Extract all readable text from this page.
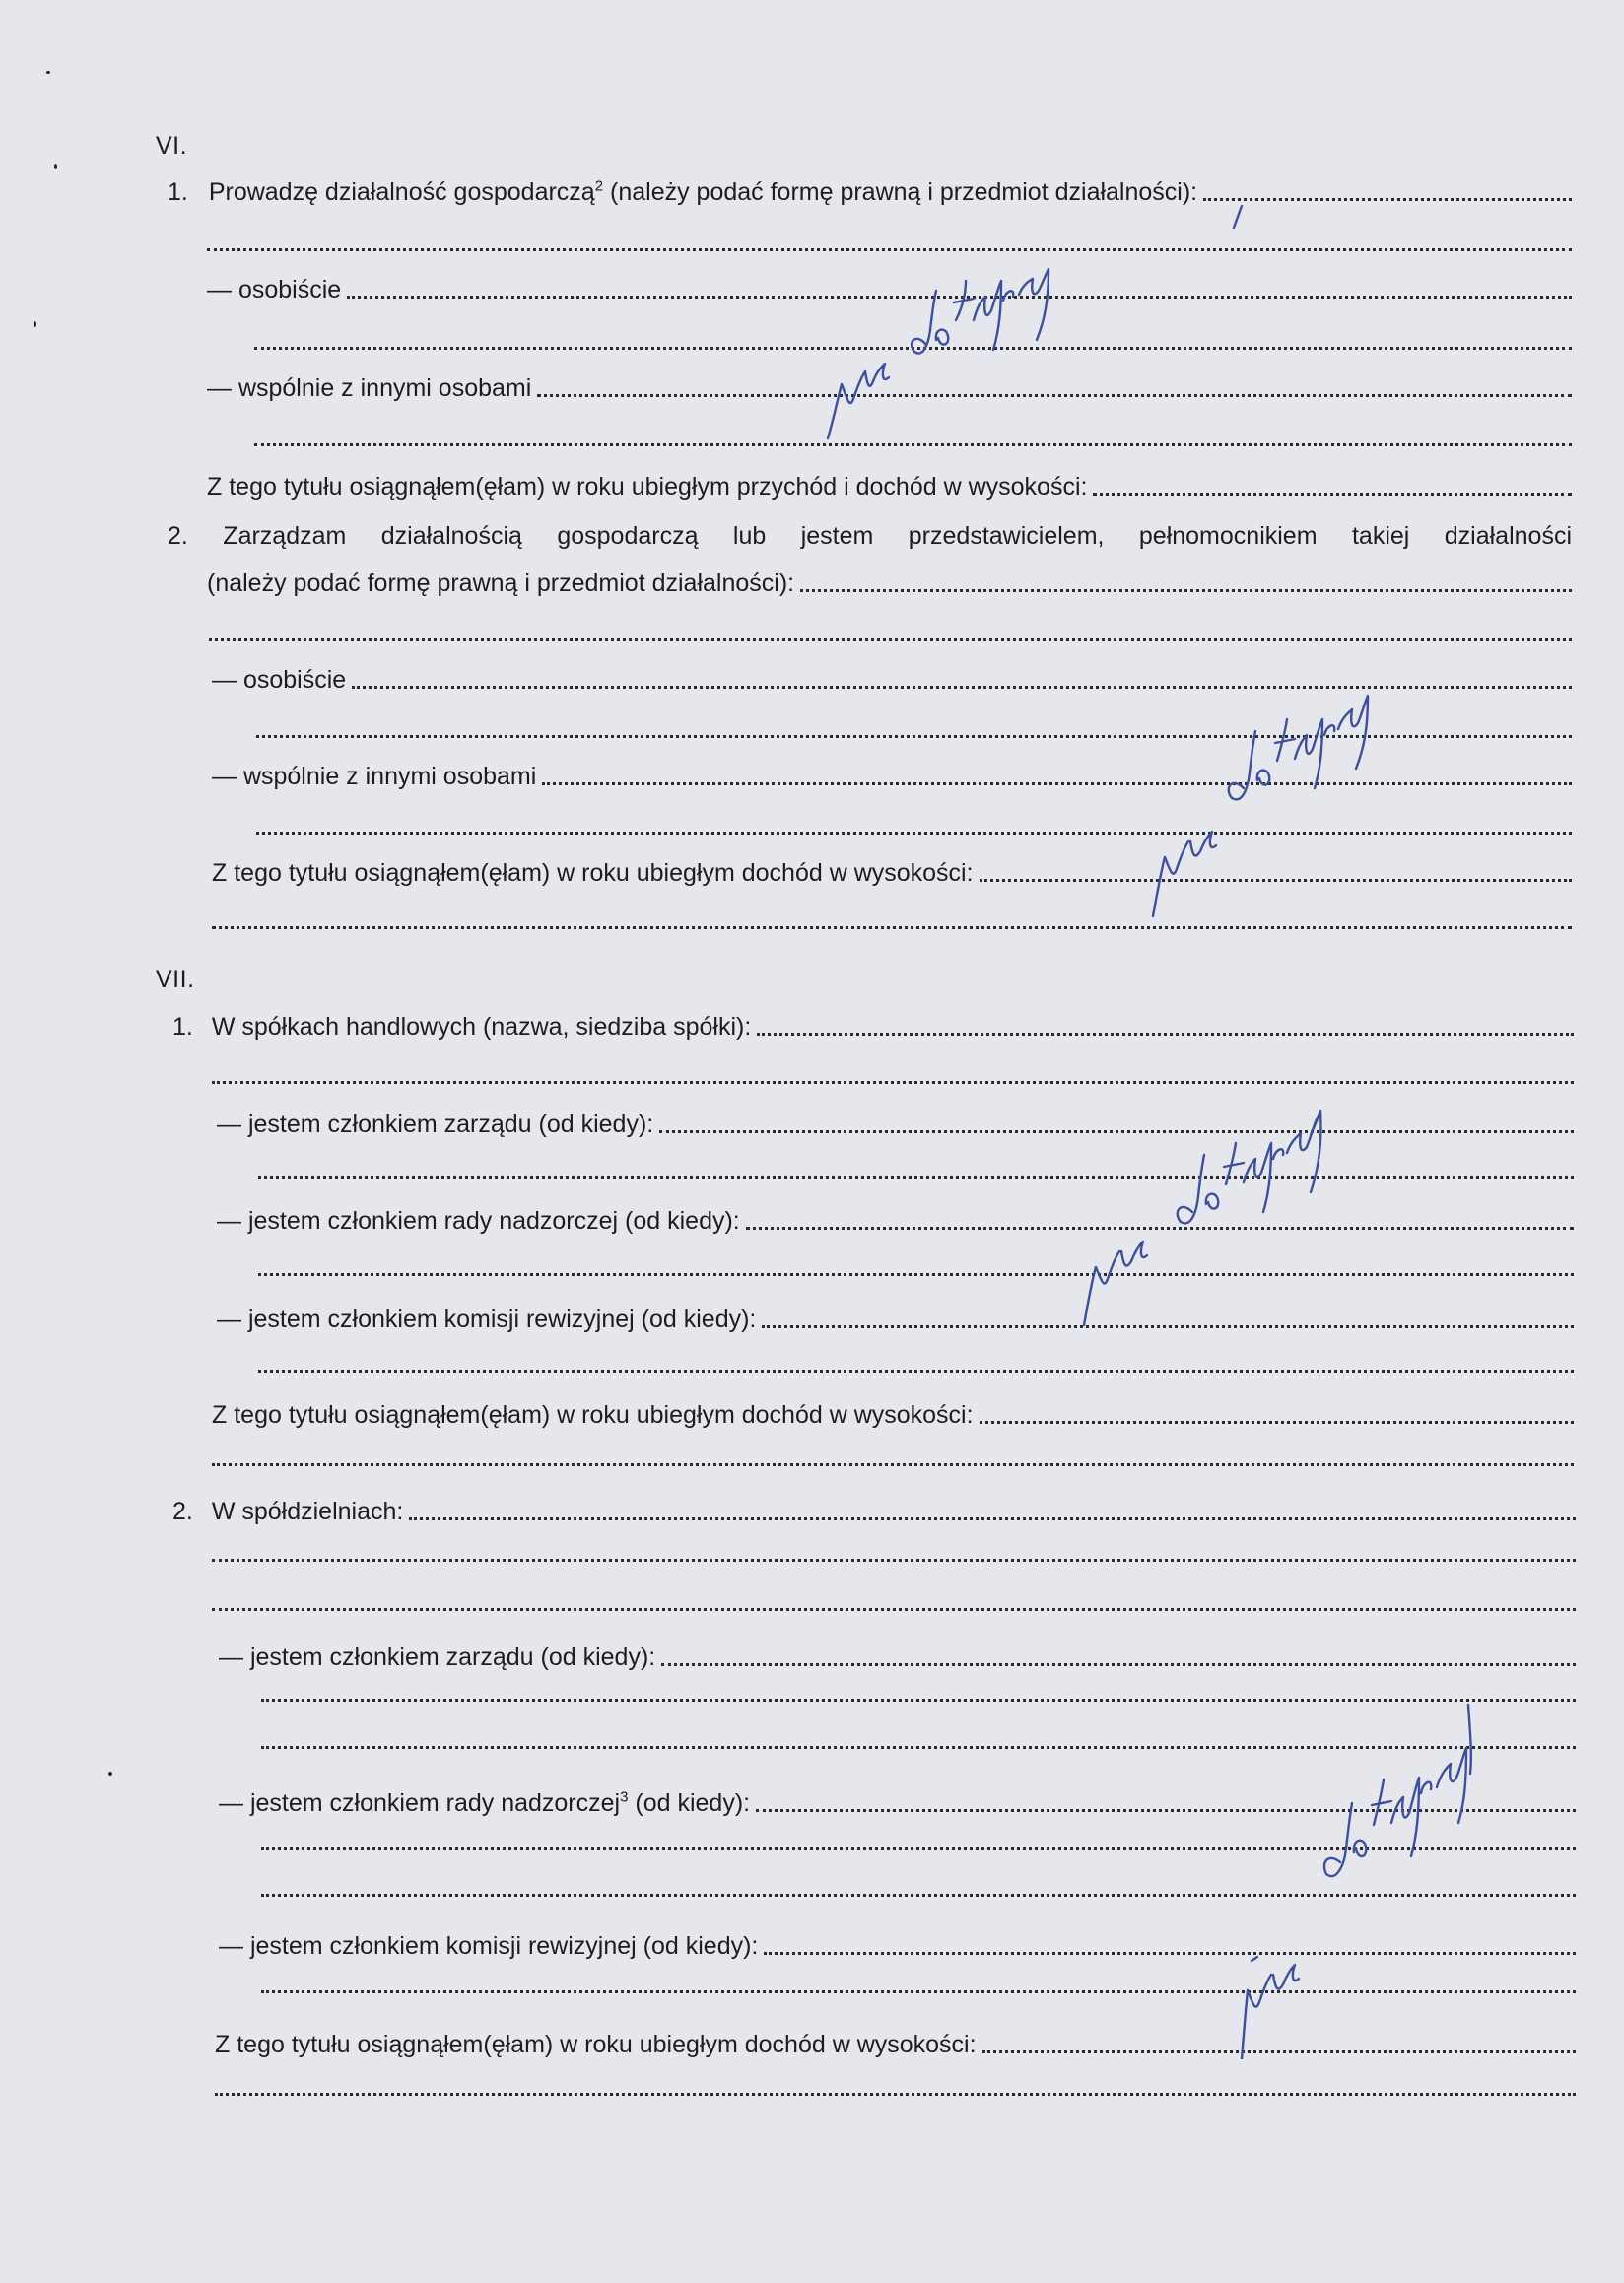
VI.
1. Prowadzę działalność gospodarczą$^2$ (należy podać formę prawną i przedmiot działalności):
— osobiście
— wspólnie z innymi osobami
Z tego tytułu osiągnąłem(ęłam) w roku ubiegłym przychód i dochód w wysokości:
2. Zarządzam działalnością gospodarczą lub jestem przedstawicielem, pełnomocnikiem takiej działalności
(należy podać formę prawną i przedmiot działalności):
— osobiście
— wspólnie z innymi osobami
Z tego tytułu osiągnąłem(ęłam) w roku ubiegłym dochód w wysokości:
VII.
1. W spółkach handlowych (nazwa, siedziba spółki):
— jestem członkiem zarządu (od kiedy):
— jestem członkiem rady nadzorczej (od kiedy):
— jestem członkiem komisji rewizyjnej (od kiedy):
Z tego tytułu osiągnąłem(ęłam) w roku ubiegłym dochód w wysokości:
2. W spółdzielniach:
— jestem członkiem zarządu (od kiedy):
— jestem członkiem rady nadzorczej$^3$ (od kiedy):
— jestem członkiem komisji rewizyjnej (od kiedy):
Z tego tytułu osiągnąłem(ęłam) w roku ubiegłym dochód w wysokości:
